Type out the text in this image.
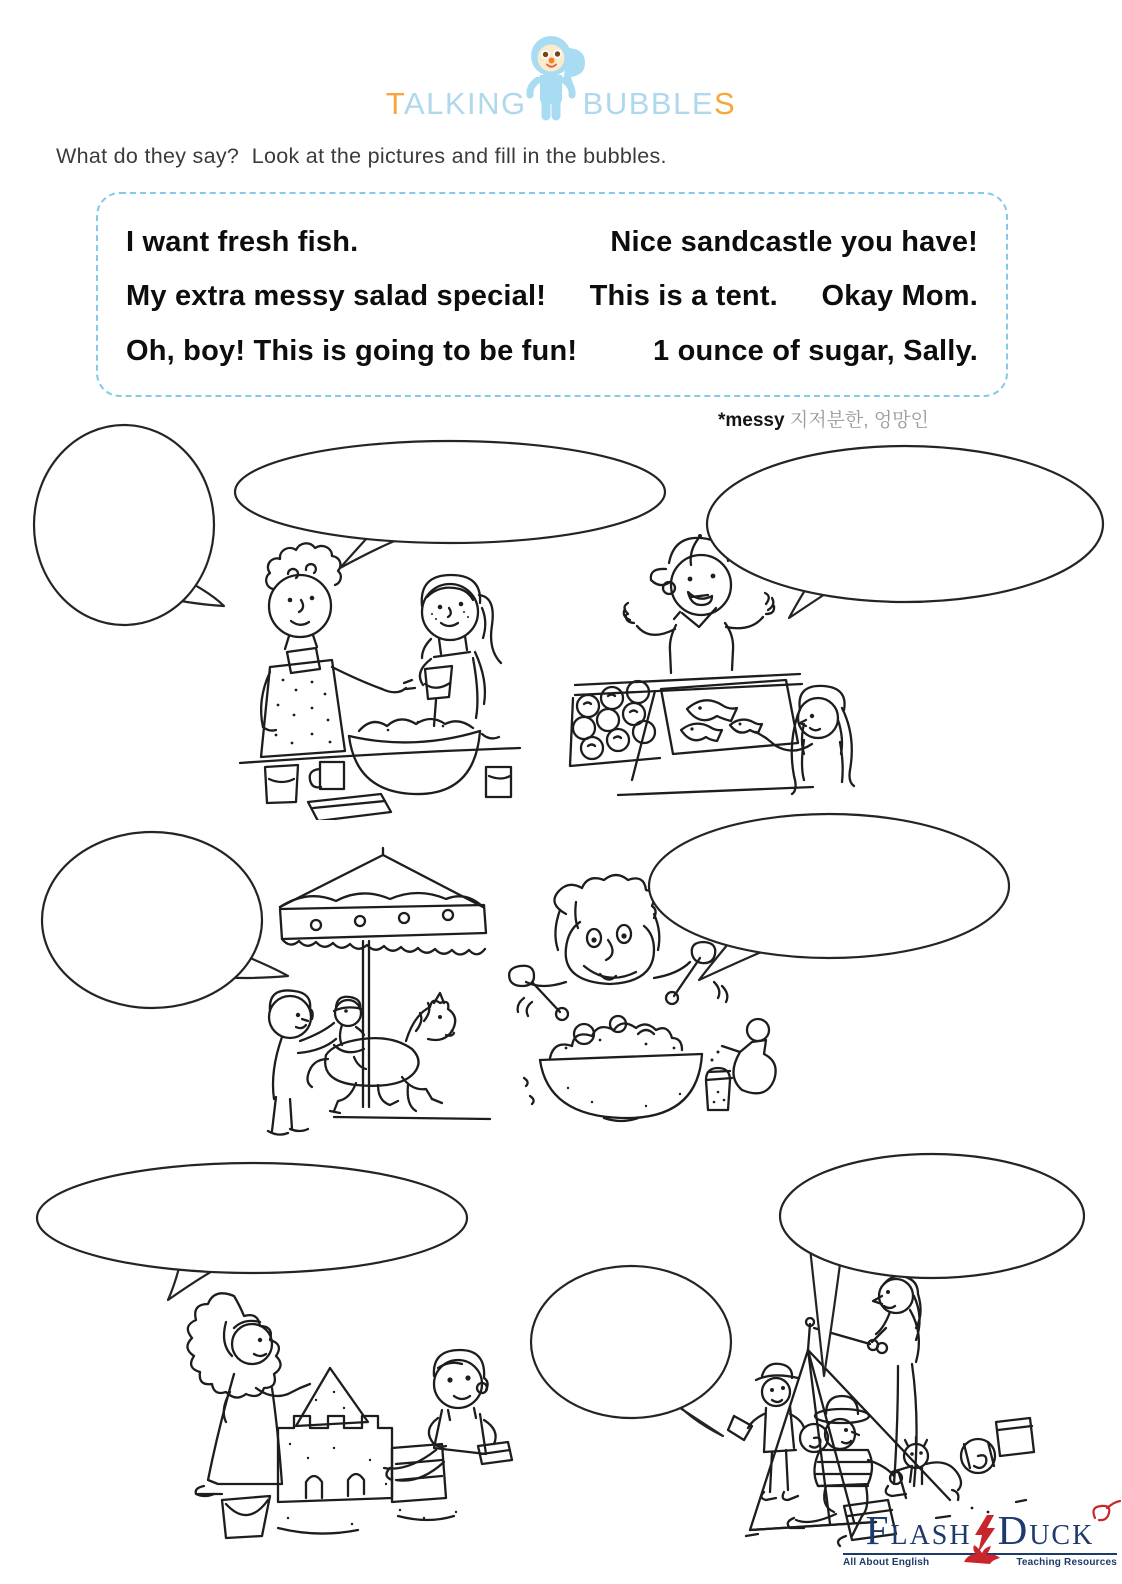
TALKING BUBBLES
What do they say?  Look at the pictures and fill in the bubbles.
I want fresh fish.	Nice sandcastle you have!
My extra messy salad special! This is a tent. Okay Mom.
Oh, boy! This is going to be fun!	1 ounce of sugar, Sally.
*messy 지저분한, 엉망인
FLASH DUCK
All About English	Teaching Resources
